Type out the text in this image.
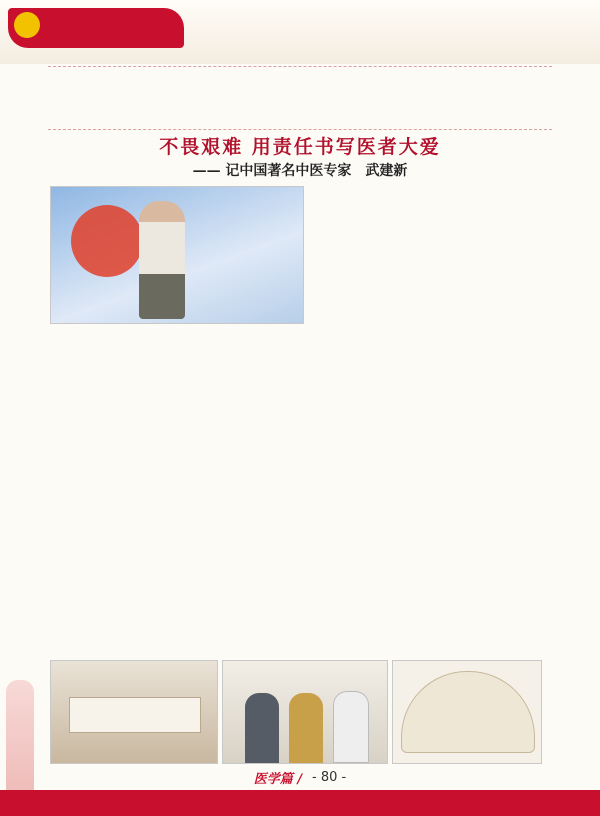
不畏艰难 用责任书写医者大爱
—— 记中国著名中医专家　武建新
医学篇 / - 80 -
